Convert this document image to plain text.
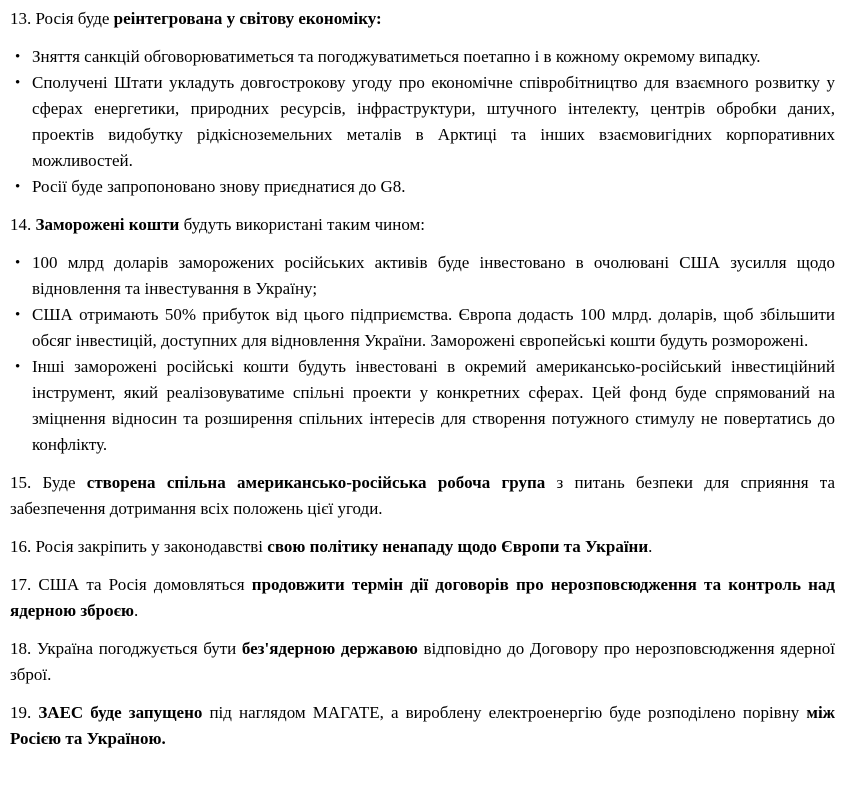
13. Росія буде реінтегрована у світову економіку:

• Зняття санкцій обговорюватиметься та погоджуватиметься поетапно і в кожному окремому випадку.
• Сполучені Штати укладуть довгострокову угоду про економічне співробітництво для взаємного розвитку у сферах енергетики, природних ресурсів, інфраструктури, штучного інтелекту, центрів обробки даних, проектів видобутку рідкісноземельних металів в Арктиці та інших взаємовигідних корпоративних можливостей.
• Росії буде запропоновано знову приєднатися до G8.

14. Заморожені кошти будуть використані таким чином:

• 100 млрд доларів заморожених російських активів буде інвестовано в очолювані США зусилля щодо відновлення та інвестування в Україну;
• США отримають 50% прибуток від цього підприємства. Європа додасть 100 млрд. доларів, щоб збільшити обсяг інвестицій, доступних для відновлення України. Заморожені європейські кошти будуть розморожені.
• Інші заморожені російські кошти будуть інвестовані в окремий американсько-російський інвестиційний інструмент, який реалізовуватиме спільні проекти у конкретних сферах. Цей фонд буде спрямований на зміцнення відносин та розширення спільних інтересів для створення потужного стимулу не повертатись до конфлікту.

15. Буде створена спільна американсько-російська робоча група з питань безпеки для сприяння та забезпечення дотримання всіх положень цієї угоди.

16. Росія закріпить у законодавстві свою політику ненападу щодо Європи та України.

17. США та Росія домовляться продовжити термін дії договорів про нерозповсюдження та контроль над ядерною зброєю.

18. Україна погоджується бути без'ядерною державою відповідно до Договору про нерозповсюдження ядерної зброї.

19. ЗАЕС буде запущено під наглядом МАГАТЕ, а вироблену електроенергію буде розподілено порівну між Росією та Україною.
